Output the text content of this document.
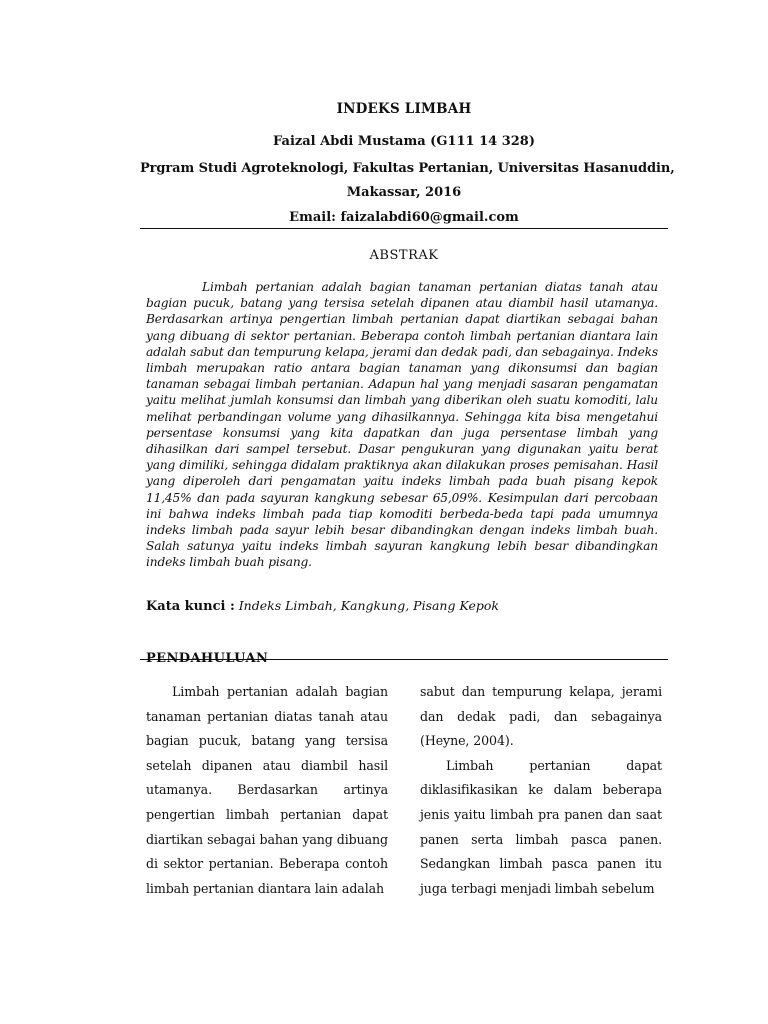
INDEKS LIMBAH
Faizal Abdi Mustama (G111 14 328)
Prgram Studi Agroteknologi, Fakultas Pertanian, Universitas Hasanuddin,
Makassar, 2016
Email: faizalabdi60@gmail.com
ABSTRAK

Limbah pertanian adalah bagian tanaman pertanian diatas tanah atau bagian pucuk, batang yang tersisa setelah dipanen atau diambil hasil utamanya. Berdasarkan artinya pengertian limbah pertanian dapat diartikan sebagai bahan yang dibuang di sektor pertanian. Beberapa contoh limbah pertanian diantara lain adalah sabut dan tempurung kelapa, jerami dan dedak padi, dan sebagainya. Indeks limbah merupakan ratio antara bagian tanaman yang dikonsumsi dan bagian tanaman sebagai limbah pertanian. Adapun hal yang menjadi sasaran pengamatan yaitu melihat jumlah konsumsi dan limbah yang diberikan oleh suatu komoditi, lalu melihat perbandingan volume yang dihasilkannya. Sehingga kita bisa mengetahui persentase konsumsi yang kita dapatkan dan juga persentase limbah yang dihasilkan dari sampel tersebut. Dasar pengukuran yang digunakan yaitu berat yang dimiliki, sehingga didalam praktiknya akan dilakukan proses pemisahan. Hasil yang diperoleh dari pengamatan yaitu indeks limbah pada buah pisang kepok 11,45% dan pada sayuran kangkung sebesar 65,09%. Kesimpulan dari percobaan ini bahwa indeks limbah pada tiap komoditi berbeda-beda tapi pada umumnya indeks limbah pada sayur lebih besar dibandingkan dengan indeks limbah buah. Salah satunya yaitu indeks limbah sayuran kangkung lebih besar dibandingkan indeks limbah buah pisang.

Kata kunci : Indeks Limbah, Kangkung, Pisang Kepok
PENDAHULUAN

Limbah pertanian adalah bagian tanaman pertanian diatas tanah atau bagian pucuk, batang yang tersisa setelah dipanen atau diambil hasil utamanya. Berdasarkan artinya pengertian limbah pertanian dapat diartikan sebagai bahan yang dibuang di sektor pertanian. Beberapa contoh limbah pertanian diantara lain adalah

sabut dan tempurung kelapa, jerami dan dedak padi, dan sebagainya (Heyne, 2004).

Limbah pertanian dapat diklasifikasikan ke dalam beberapa jenis yaitu limbah pra panen dan saat panen serta limbah pasca panen. Sedangkan limbah pasca panen itu juga terbagi menjadi limbah sebelum
